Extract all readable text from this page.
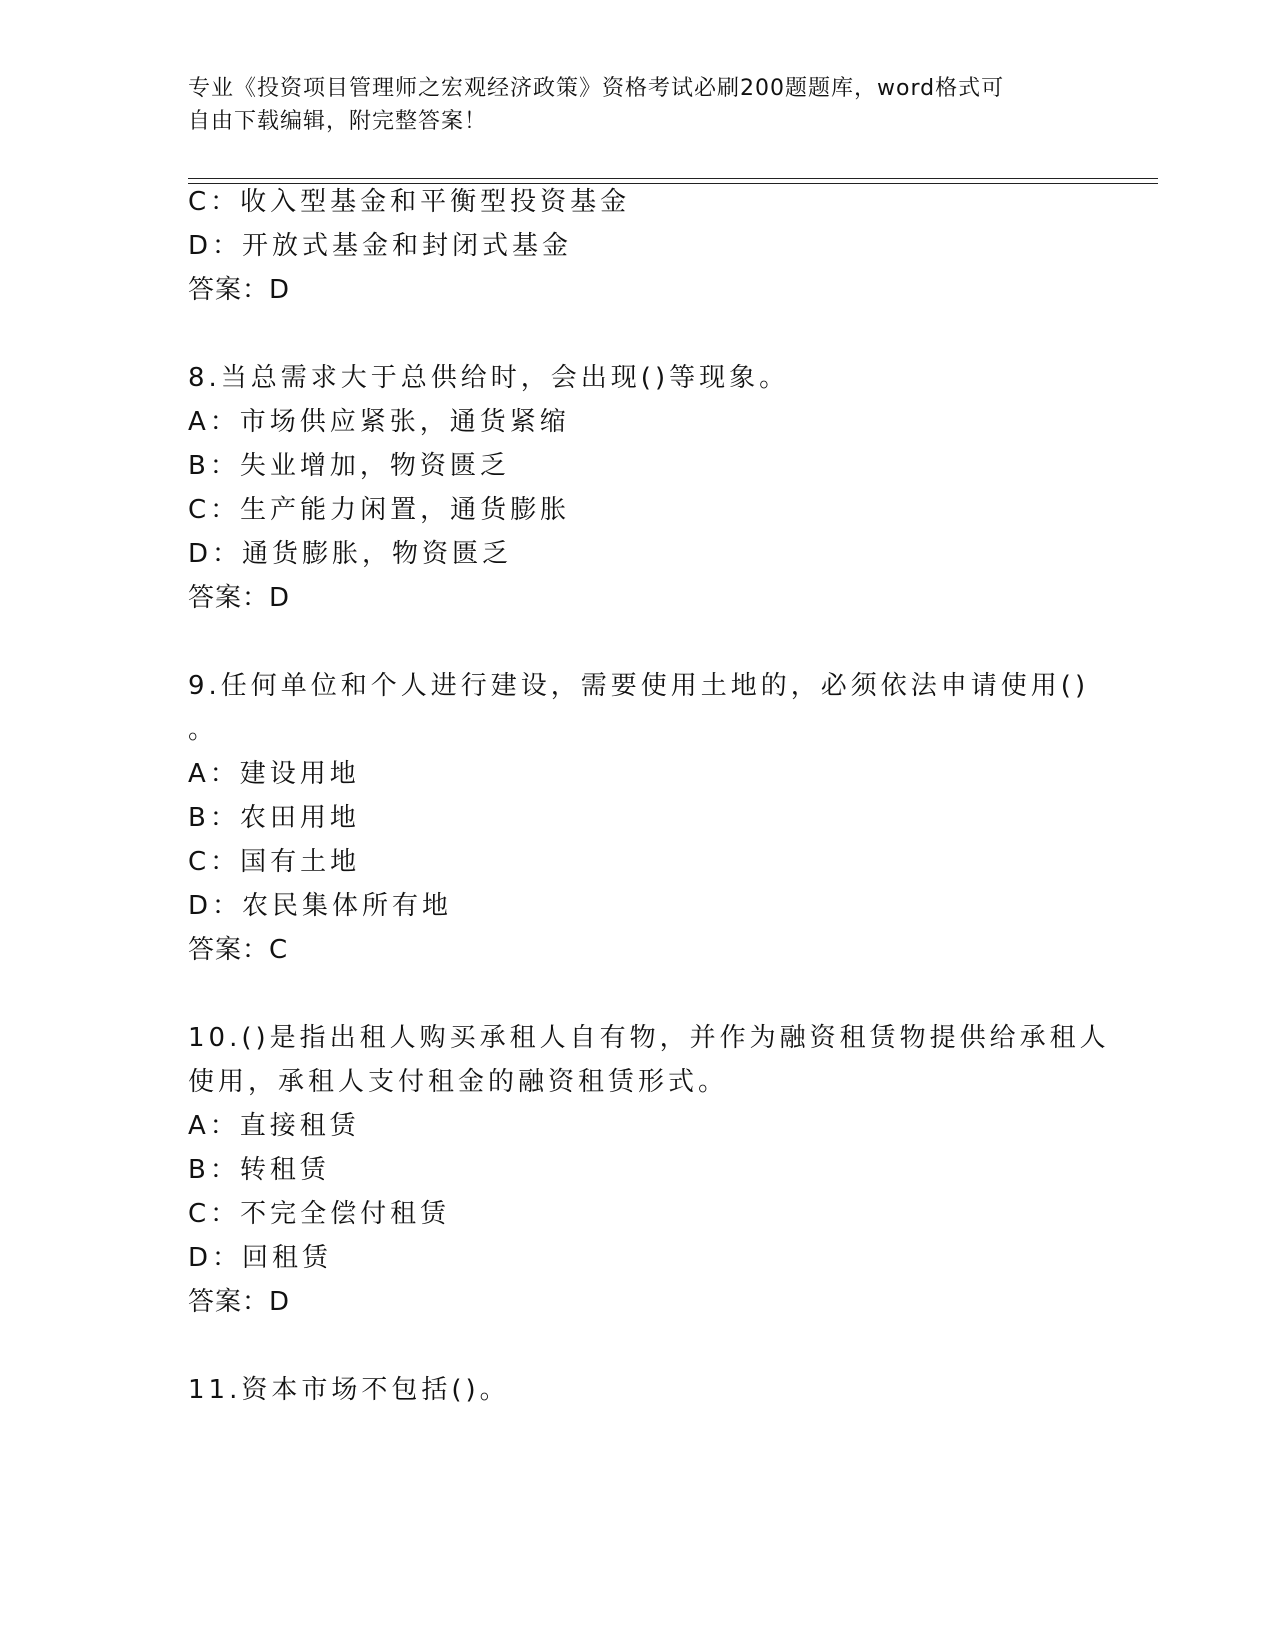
专业《投资项目管理师之宏观经济政策》资格考试必刷200题题库，word格式可
自由下载编辑，附完整答案！
C：收入型基金和平衡型投资基金
D：开放式基金和封闭式基金
答案：D
8.当总需求大于总供给时，会出现()等现象。
A：市场供应紧张，通货紧缩
B：失业增加，物资匮乏
C：生产能力闲置，通货膨胀
D：通货膨胀，物资匮乏
答案：D
9.任何单位和个人进行建设，需要使用土地的，必须依法申请使用()
。
A：建设用地
B：农田用地
C：国有土地
D：农民集体所有地
答案：C
10.()是指出租人购买承租人自有物，并作为融资租赁物提供给承租人
使用，承租人支付租金的融资租赁形式。
A：直接租赁
B：转租赁
C：不完全偿付租赁
D：回租赁
答案：D
11.资本市场不包括()。
